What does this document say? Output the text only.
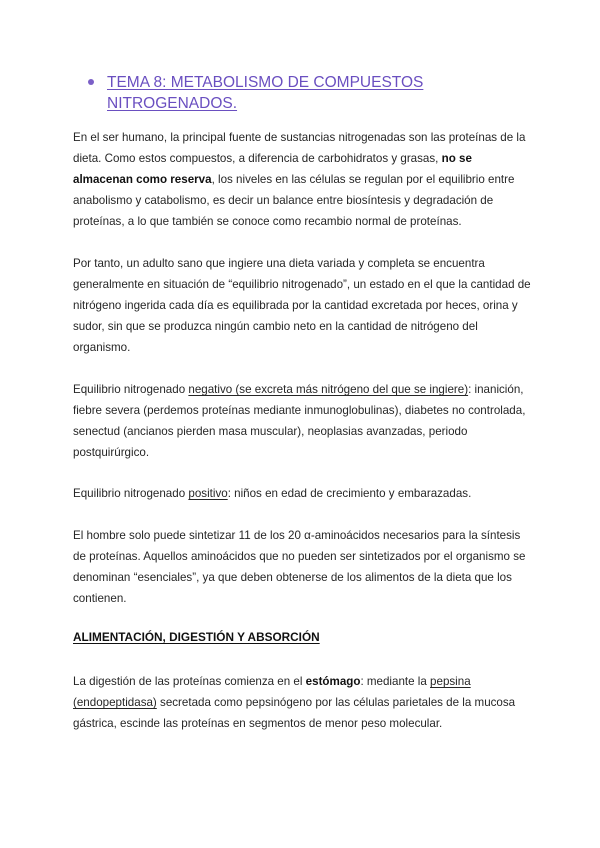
TEMA 8: METABOLISMO DE COMPUESTOS NITROGENADOS.

En el ser humano, la principal fuente de sustancias nitrogenadas son las proteínas de la dieta. Como estos compuestos, a diferencia de carbohidratos y grasas, no se almacenan como reserva, los niveles en las células se regulan por el equilibrio entre anabolismo y catabolismo, es decir un balance entre biosíntesis y degradación de proteínas, a lo que también se conoce como recambio normal de proteínas.

Por tanto, un adulto sano que ingiere una dieta variada y completa se encuentra generalmente en situación de “equilibrio nitrogenado”, un estado en el que la cantidad de nitrógeno ingerida cada día es equilibrada por la cantidad excretada por heces, orina y sudor, sin que se produzca ningún cambio neto en la cantidad de nitrógeno del organismo.

Equilibrio nitrogenado negativo (se excreta más nitrógeno del que se ingiere): inanición, fiebre severa (perdemos proteínas mediante inmunoglobulinas), diabetes no controlada, senectud (ancianos pierden masa muscular), neoplasias avanzadas, periodo postquirúrgico.

Equilibrio nitrogenado positivo: niños en edad de crecimiento y embarazadas.

El hombre solo puede sintetizar 11 de los 20 α-aminoácidos necesarios para la síntesis de proteínas. Aquellos aminoácidos que no pueden ser sintetizados por el organismo se denominan “esenciales”, ya que deben obtenerse de los alimentos de la dieta que los contienen.

ALIMENTACIÓN, DIGESTIÓN Y ABSORCIÓN

La digestión de las proteínas comienza en el estómago: mediante la pepsina (endopeptidasa) secretada como pepsinógeno por las células parietales de la mucosa gástrica, escinde las proteínas en segmentos de menor peso molecular.
